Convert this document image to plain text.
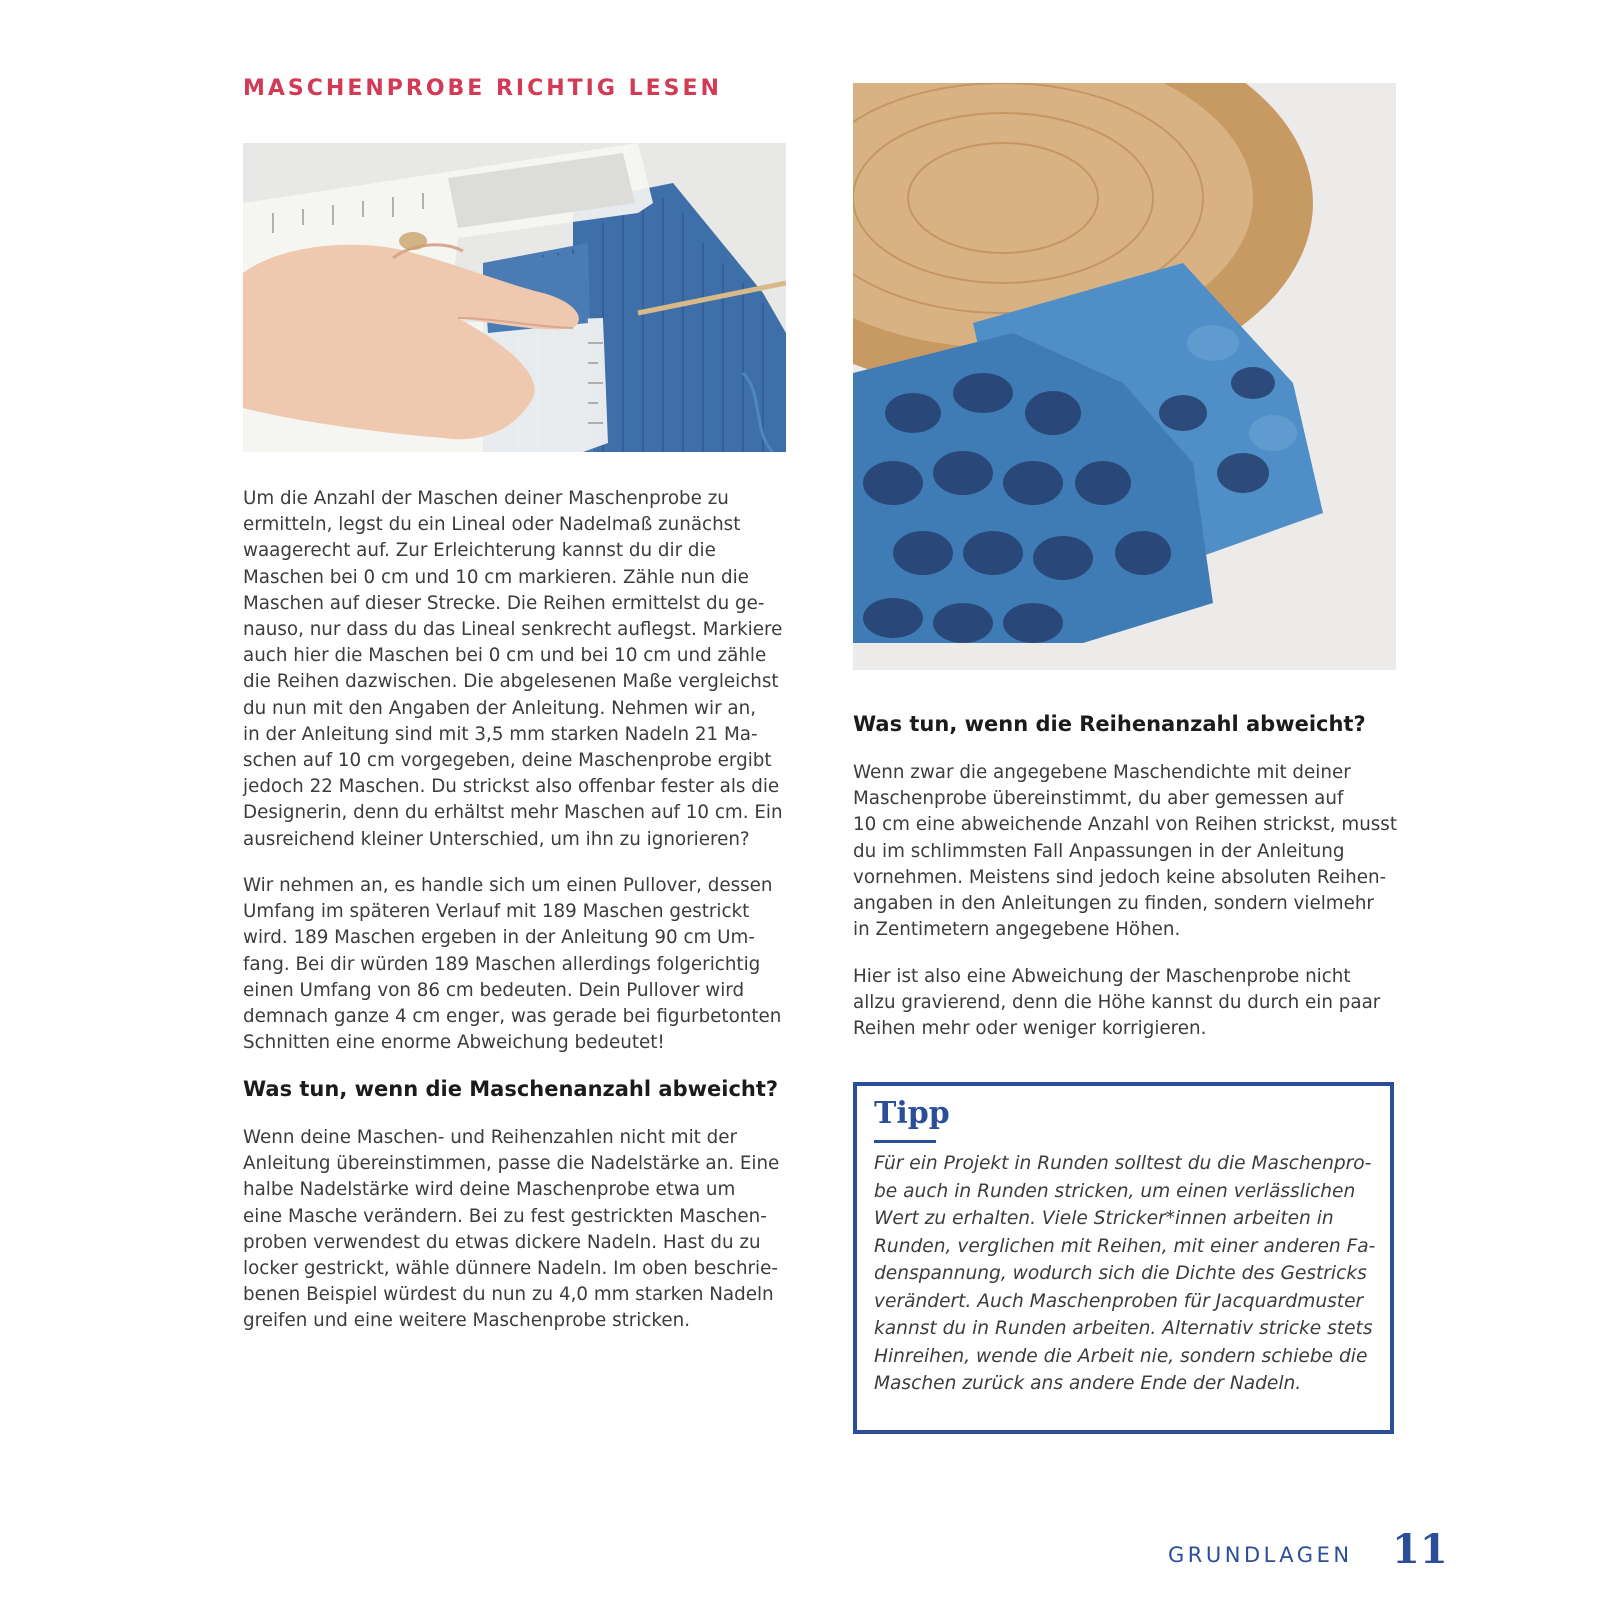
MASCHENPROBE RICHTIG LESEN
Um die Anzahl der Maschen deiner Maschenprobe zu
ermitteln, legst du ein Lineal oder Nadelmaß zunächst
waagerecht auf. Zur Erleichterung kannst du dir die
Maschen bei 0 cm und 10 cm markieren. Zähle nun die
Maschen auf dieser Strecke. Die Reihen ermittelst du ge-
nauso, nur dass du das Lineal senkrecht auflegst. Markiere
auch hier die Maschen bei 0 cm und bei 10 cm und zähle
die Reihen dazwischen. Die abgelesenen Maße vergleichst
du nun mit den Angaben der Anleitung. Nehmen wir an,
in der Anleitung sind mit 3,5 mm starken Nadeln 21 Ma-
schen auf 10 cm vorgegeben, deine Maschenprobe ergibt
jedoch 22 Maschen. Du strickst also offenbar fester als die
Designerin, denn du erhältst mehr Maschen auf 10 cm. Ein
ausreichend kleiner Unterschied, um ihn zu ignorieren?
Wir nehmen an, es handle sich um einen Pullover, dessen
Umfang im späteren Verlauf mit 189 Maschen gestrickt
wird. 189 Maschen ergeben in der Anleitung 90 cm Um-
fang. Bei dir würden 189 Maschen allerdings folgerichtig
einen Umfang von 86 cm bedeuten. Dein Pullover wird
demnach ganze 4 cm enger, was gerade bei figurbetonten
Schnitten eine enorme Abweichung bedeutet!
Was tun, wenn die Maschenanzahl abweicht?
Wenn deine Maschen- und Reihenzahlen nicht mit der
Anleitung übereinstimmen, passe die Nadelstärke an. Eine
halbe Nadelstärke wird deine Maschenprobe etwa um
eine Masche verändern. Bei zu fest gestrickten Maschen-
proben verwendest du etwas dickere Nadeln. Hast du zu
locker gestrickt, wähle dünnere Nadeln. Im oben beschrie-
benen Beispiel würdest du nun zu 4,0 mm starken Nadeln
greifen und eine weitere Maschenprobe stricken.
Was tun, wenn die Reihenanzahl abweicht?
Wenn zwar die angegebene Maschendichte mit deiner
Maschenprobe übereinstimmt, du aber gemessen auf
10 cm eine abweichende Anzahl von Reihen strickst, musst
du im schlimmsten Fall Anpassungen in der Anleitung
vornehmen. Meistens sind jedoch keine absoluten Reihen-
angaben in den Anleitungen zu finden, sondern vielmehr
in Zentimetern angegebene Höhen.
Hier ist also eine Abweichung der Maschenprobe nicht
allzu gravierend, denn die Höhe kannst du durch ein paar
Reihen mehr oder weniger korrigieren.
Tipp
Für ein Projekt in Runden solltest du die Maschenpro-
be auch in Runden stricken, um einen verlässlichen
Wert zu erhalten. Viele Stricker*innen arbeiten in
Runden, verglichen mit Reihen, mit einer anderen Fa-
denspannung, wodurch sich die Dichte des Gestricks
verändert. Auch Maschenproben für Jacquardmuster
kannst du in Runden arbeiten. Alternativ stricke stets
Hinreihen, wende die Arbeit nie, sondern schiebe die
Maschen zurück ans andere Ende der Nadeln.
GRUNDLAGEN 11
